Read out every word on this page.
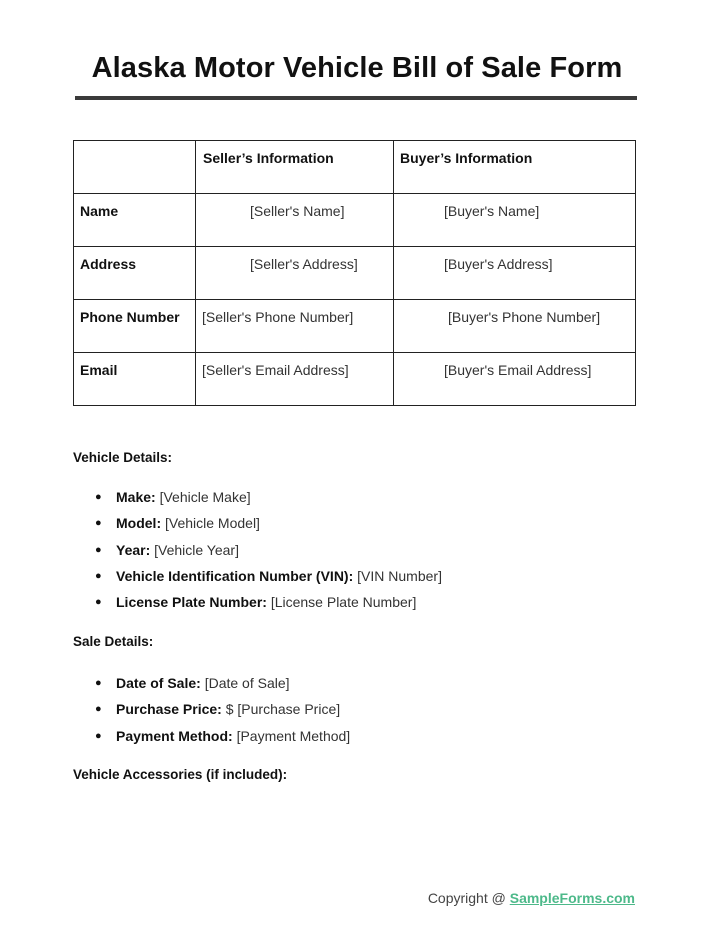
Alaska Motor Vehicle Bill of Sale Form
	Seller’s Information	Buyer’s Information
Name	[Seller's Name]	[Buyer's Name]
Address	[Seller's Address]	[Buyer's Address]
Phone Number	[Seller's Phone Number]	[Buyer's Phone Number]
Email	[Seller's Email Address]	[Buyer's Email Address]
Vehicle Details:
● Make: [Vehicle Make]
● Model: [Vehicle Model]
● Year: [Vehicle Year]
● Vehicle Identification Number (VIN): [VIN Number]
● License Plate Number: [License Plate Number]
Sale Details:
● Date of Sale: [Date of Sale]
● Purchase Price: $ [Purchase Price]
● Payment Method: [Payment Method]
Vehicle Accessories (if included):
Copyright @ SampleForms.com
